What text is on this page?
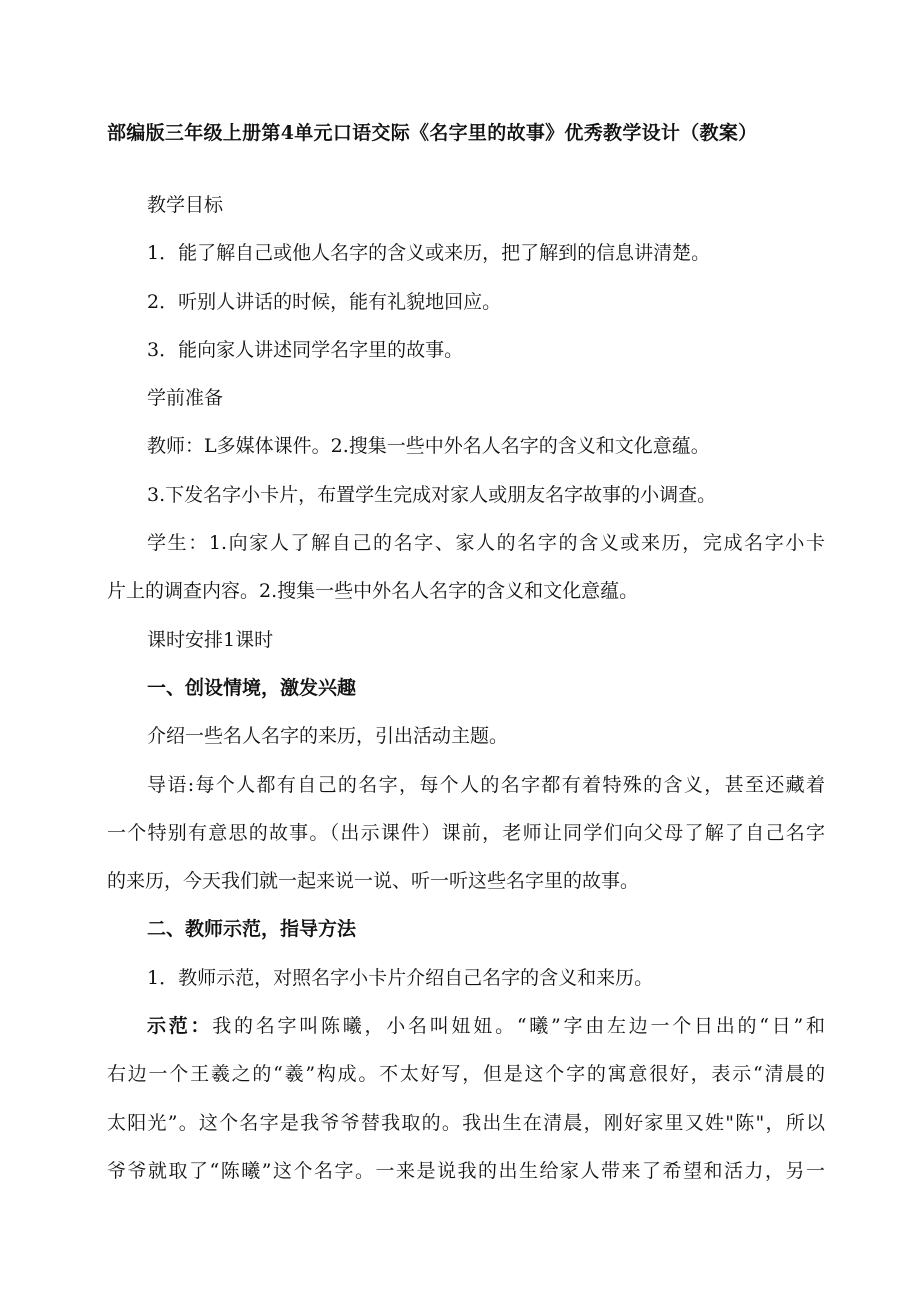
部编版三年级上册第4单元口语交际《名字里的故事》优秀教学设计（教案）

教学目标

1．能了解自己或他人名字的含义或来历，把了解到的信息讲清楚。

2．听别人讲话的时候，能有礼貌地回应。

3．能向家人讲述同学名字里的故事。

学前准备

教师：L多媒体课件。2.搜集一些中外名人名字的含义和文化意蕴。

3.下发名字小卡片，布置学生完成对家人或朋友名字故事的小调查。

学生：1.向家人了解自己的名字、家人的名字的含义或来历，完成名字小卡

片上的调查内容。2.搜集一些中外名人名字的含义和文化意蕴。

课时安排1课时

一、创设情境，激发兴趣

介绍一些名人名字的来历，引出活动主题。

导语:每个人都有自己的名字，每个人的名字都有着特殊的含义，甚至还藏着

一个特别有意思的故事。（出示课件）课前，老师让同学们向父母了解了自己名字

的来历，今天我们就一起来说一说、听一听这些名字里的故事。

二、教师示范，指导方法

1．教师示范，对照名字小卡片介绍自己名字的含义和来历。

示范：我的名字叫陈曦，小名叫妞妞。“曦”字由左边一个日出的“日”和

右边一个王羲之的“羲”构成。不太好写，但是这个字的寓意很好，表示“清晨的

太阳光”。这个名字是我爷爷替我取的。我出生在清晨，刚好家里又姓"陈"，所以

爷爷就取了“陈曦”这个名字。一来是说我的出生给家人带来了希望和活力，另一
